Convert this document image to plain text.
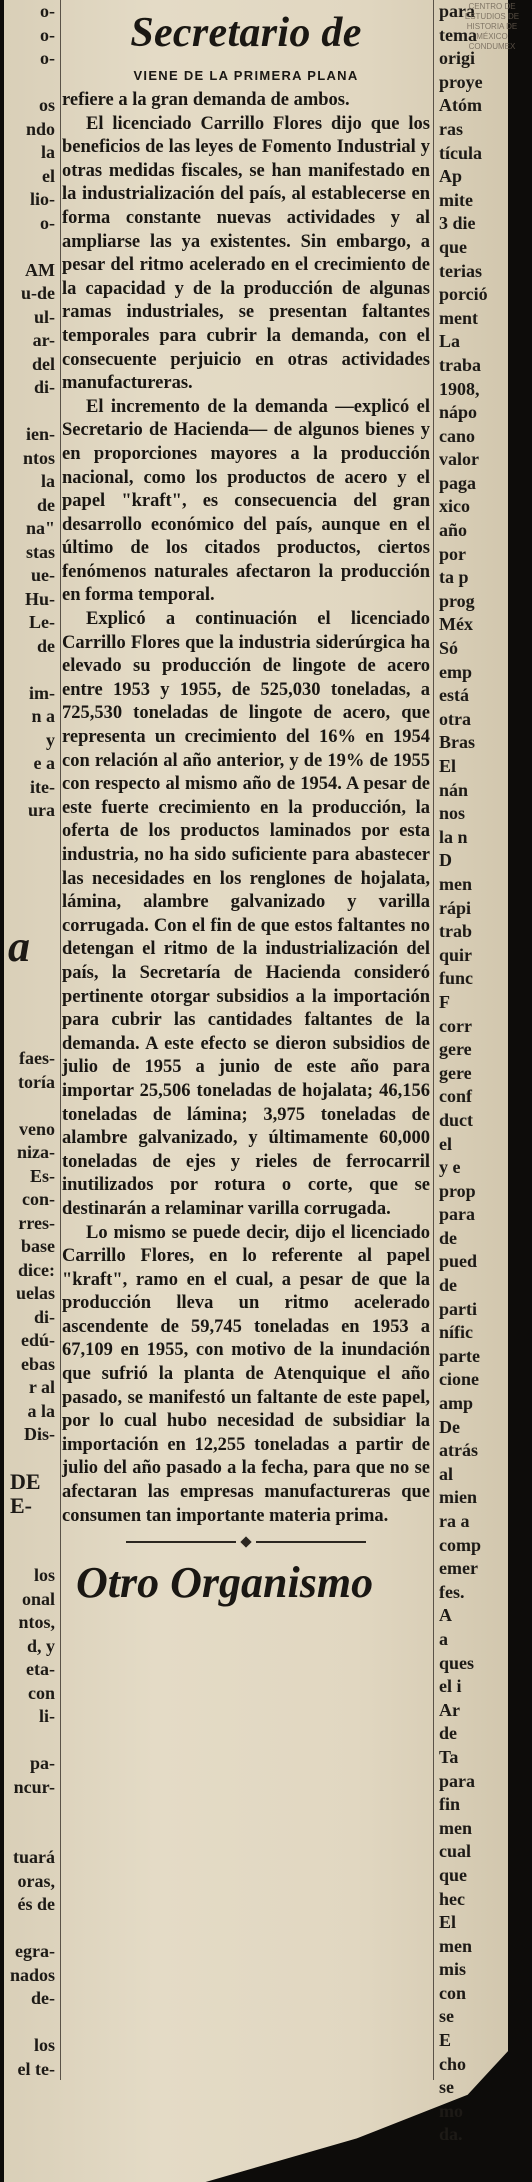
o-
o-
o-
os
ndo
la
el
lio-
o-
AM
u-de
ul-
ar-
del
di-
ien-
ntos
la
de
na"
stas
ue-
Hu-
Le-
de
im-
n a
y
e a
ite-
ura
a
faes-
toría
veno
niza-
Es-
con-
rres-
base
dice:
uelas
di-
edú-
ebas
r al
a la
Dis-
DE
E-
los
onal
ntos,
d, y
eta-
con
li-
pa-
ncur-
tuará
oras,
és de
egra-
nados
de-
los
el te-
Secretario de
VIENE DE LA PRIMERA PLANA

refiere a la gran demanda de ambos.

El licenciado Carrillo Flores dijo que los beneficios de las leyes de Fomento Industrial y otras medidas fiscales, se han manifestado en la industrialización del país, al establecerse en forma constante nuevas actividades y al ampliarse las ya existentes. Sin embargo, a pesar del ritmo acelerado en el crecimiento de la capacidad y de la producción de algunas ramas industriales, se presentan faltantes temporales para cubrir la demanda, con el consecuente perjuicio en otras actividades manufactureras.

El incremento de la demanda —explicó el Secretario de Hacienda— de algunos bienes y en proporciones mayores a la producción nacional, como los productos de acero y el papel "kraft", es consecuencia del gran desarrollo económico del país, aunque en el último de los citados productos, ciertos fenómenos naturales afectaron la producción en forma temporal.

Explicó a continuación el licenciado Carrillo Flores que la industria siderúrgica ha elevado su producción de lingote de acero entre 1953 y 1955, de 525,030 toneladas, a 725,530 toneladas de lingote de acero, que representa un crecimiento del 16% en 1954 con relación al año anterior, y de 19% de 1955 con respecto al mismo año de 1954. A pesar de este fuerte crecimiento en la producción, la oferta de los productos laminados por esta industria, no ha sido suficiente para abastecer las necesidades en los renglones de hojalata, lámina, alambre galvanizado y varilla corrugada. Con el fin de que estos faltantes no detengan el ritmo de la industrialización del país, la Secretaría de Hacienda consideró pertinente otorgar subsidios a la importación para cubrir las cantidades faltantes de la demanda. A este efecto se dieron subsidios de julio de 1955 a junio de este año para importar 25,506 toneladas de hojalata; 46,156 toneladas de lámina; 3,975 toneladas de alambre galvanizado, y últimamente 60,000 toneladas de ejes y rieles de ferrocarril inutilizados por rotura o corte, que se destinarán a relaminar varilla corrugada.

Lo mismo se puede decir, dijo el licenciado Carrillo Flores, en lo referente al papel "kraft", ramo en el cual, a pesar de que la producción lleva un ritmo acelerado ascendente de 59,745 toneladas en 1953 a 67,109 en 1955, con motivo de la inundación que sufrió la planta de Atenquique el año pasado, se manifestó un faltante de este papel, por lo cual hubo necesidad de subsidiar la importación en 12,255 toneladas a partir de julio del año pasado a la fecha, para que no se afectaran las empresas manufactureras que consumen tan importante materia prima.

Otro Organismo
para
tema
origi
proye
Atóm
ras
tícula
Ap
mite
3 die
que
terias
porció
ment
La
traba
1908,
nápo
cano
valor
paga
xico
año
por
ta p
prog
Méx
Só
emp
está
otra
Bras
El
nán
nos
la n
D
men
rápi
trab
quir
func
F
corr
gere
gere
conf
duct
el
y e
prop
para
de
pued
de
parti
nífic
parte
cione
amp
De
atrás
al
mien
ra a
comp
emer
fes.
A
a
ques
el i
Ar
de
Ta
para
fin
men
cual
que
hec
El
men
mis
con
se
E
cho
se
mo
da.
CENTRO DE ESTUDIOS DE HISTORIA DE MÉXICO CONDUMEX
